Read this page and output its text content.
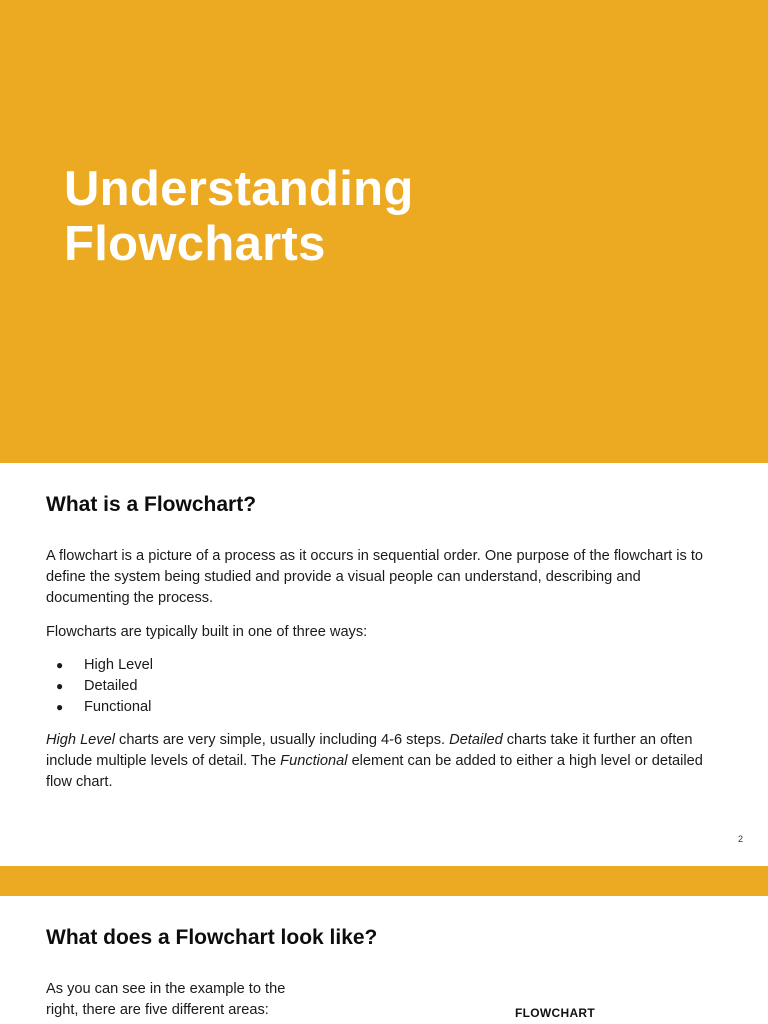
Understanding
Flowcharts
What is a Flowchart?

A flowchart is a picture of a process as it occurs in sequential order. One purpose of the flowchart is to define the system being studied and provide a visual people can understand, describing and documenting the process.

Flowcharts are typically built in one of three ways:

● High Level
● Detailed
● Functional

High Level charts are very simple, usually including 4-6 steps. Detailed charts take it further an often include multiple levels of detail. The Functional element can be added to either a high level or detailed flow chart.

2
What does a Flowchart look like?

As you can see in the example to the
right, there are five different areas:	FLOWCHART
